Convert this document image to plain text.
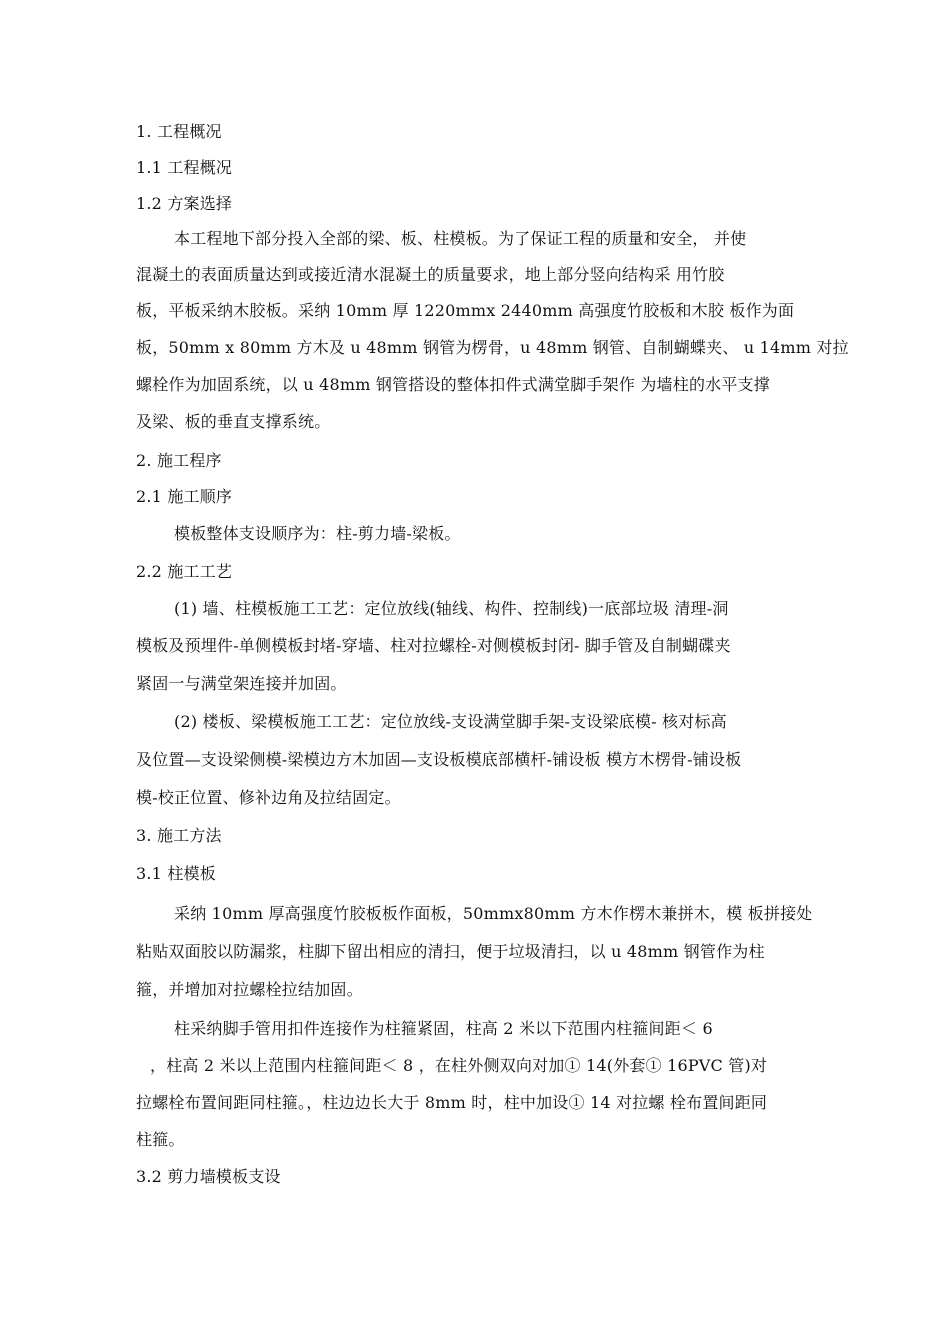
1. 工程概况
1.1 工程概况
1.2 方案选择
本工程地下部分投入全部的梁、板、柱模板。为了保证工程的质量和安全， 并使
混凝土的表面质量达到或接近清水混凝土的质量要求，地上部分竖向结构采 用竹胶
板，平板采纳木胶板。采纳 10mm 厚 1220mmx 2440mm 高强度竹胶板和木胶 板作为面
板，50mm x 80mm 方木及 u 48mm 钢管为楞骨，u 48mm 钢管、自制蝴蝶夹、 u 14mm 对拉
螺栓作为加固系统，以 u 48mm 钢管搭设的整体扣件式满堂脚手架作 为墙柱的水平支撑
及梁、板的垂直支撑系统。
2. 施工程序
2.1 施工顺序
模板整体支设顺序为：柱-剪力墙-梁板。
2.2 施工工艺
(1) 墙、柱模板施工工艺：定位放线(轴线、构件、控制线)一底部垃圾 清理-洞
模板及预埋件-单侧模板封堵-穿墙、柱对拉螺栓-对侧模板封闭- 脚手管及自制蝴碟夹
紧固一与满堂架连接并加固。
(2) 楼板、梁模板施工工艺：定位放线-支设满堂脚手架-支设梁底模- 核对标高
及位置—支设梁侧模-梁模边方木加固—支设板模底部横杆-铺设板 模方木楞骨-铺设板
模-校正位置、修补边角及拉结固定。
3. 施工方法
3.1 柱模板
采纳 10mm 厚高强度竹胶板板作面板，50mmx80mm 方木作楞木兼拼木，模 板拼接处
粘贴双面胶以防漏浆，柱脚下留出相应的清扫，便于垃圾清扫，以 u 48mm 钢管作为柱
箍，并增加对拉螺栓拉结加固。
柱采纳脚手管用扣件连接作为柱箍紧固，柱高 2 米以下范围内柱箍间距＜ 6
，柱高 2 米以上范围内柱箍间距＜ 8 ，在柱外侧双向对加① 14(外套① 16PVC 管)对
拉螺栓布置间距同柱箍。，柱边边长大于 8mm 时，柱中加设① 14 对拉螺 栓布置间距同
柱箍。
3.2 剪力墙模板支设
